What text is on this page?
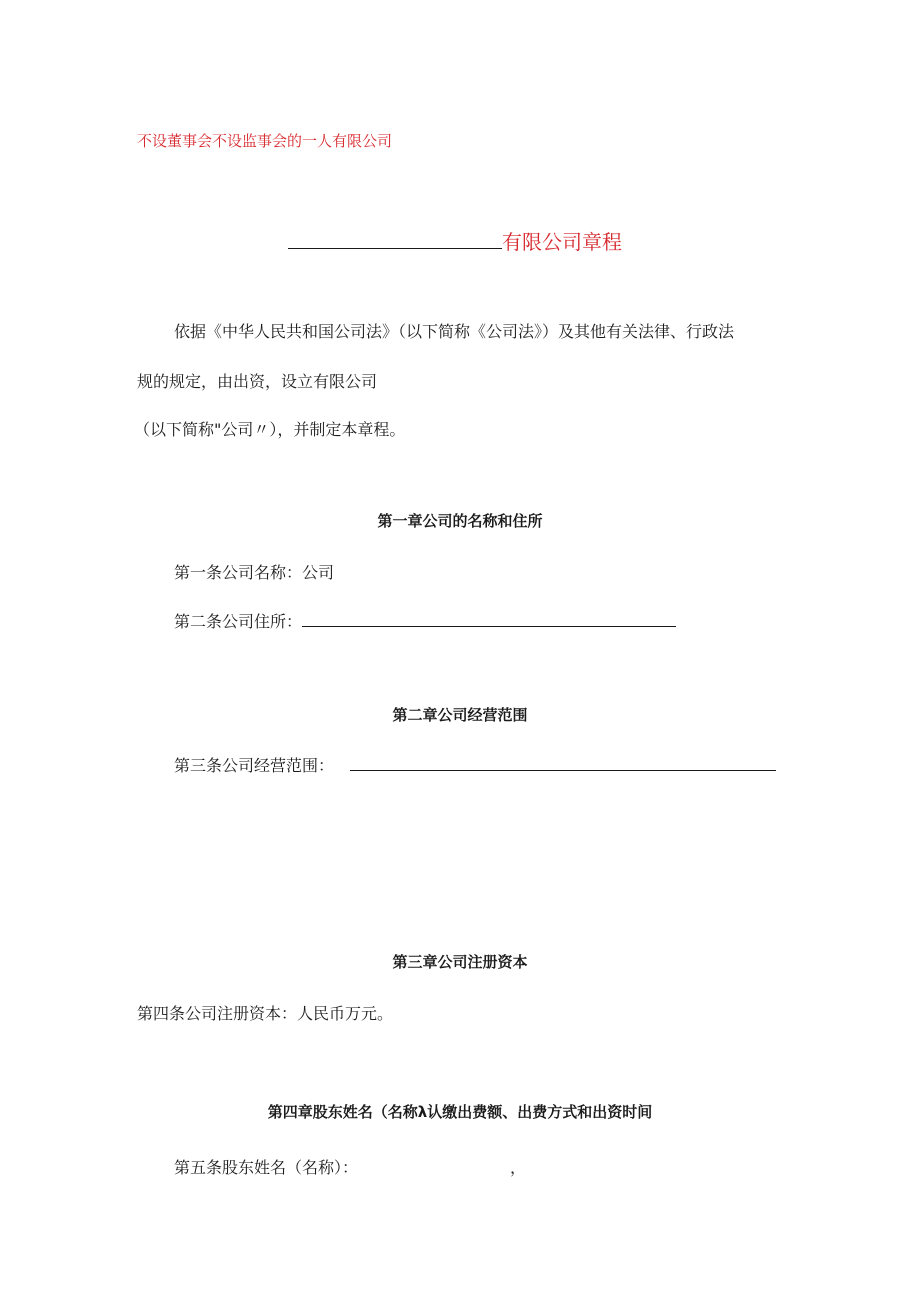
不设董事会不设监事会的一人有限公司
有限公司章程
依据《中华人民共和国公司法》（以下简称《公司法》）及其他有关法律、行政法
规的规定，由出资，设立有限公司
（以下简称"公司〃），并制定本章程。
第一章公司的名称和住所
第一条公司名称：公司
第二条公司住所：
第二章公司经营范围
第三条公司经营范围：
第三章公司注册资本
第四条公司注册资本：人民币万元。
第四章股东姓名（名称λ认缴出费额、出费方式和出资时间
第五条股东姓名（名称）：	，
